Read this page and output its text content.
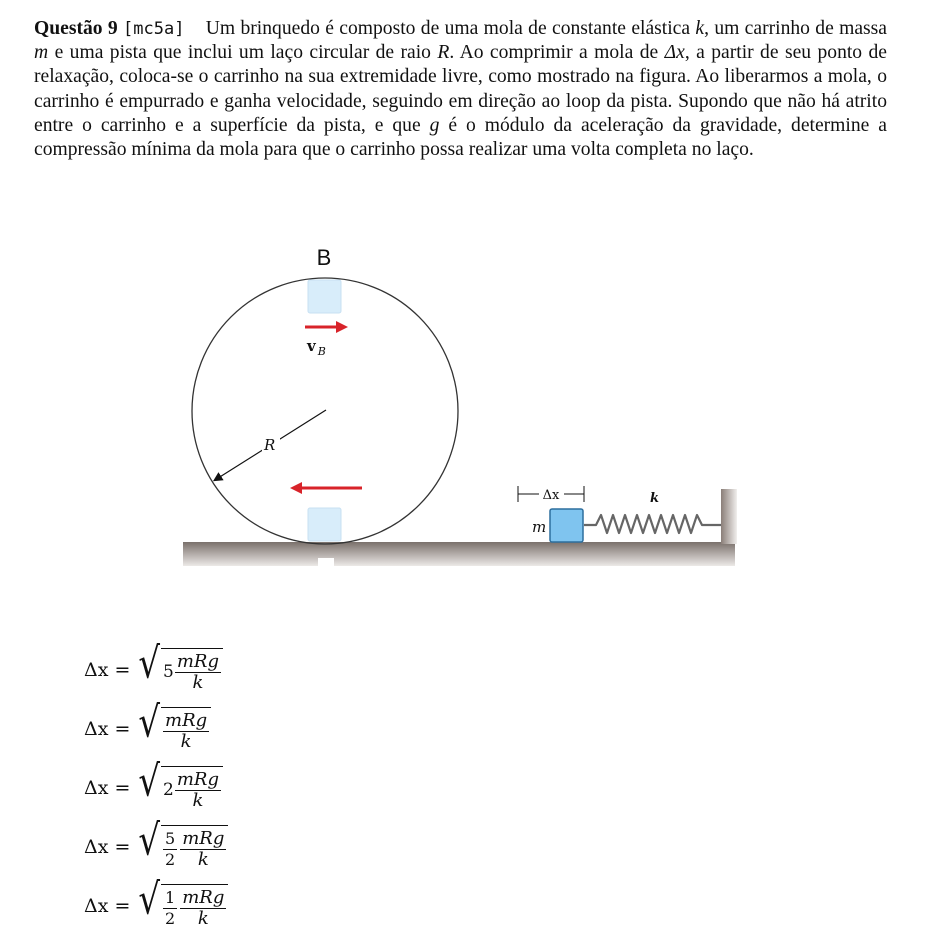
Questão 9 [mc5a] Um brinquedo é composto de uma mola de constante elástica k, um carrinho de massa m e uma pista que inclui um laço circular de raio R. Ao comprimir a mola de Δx, a partir de seu ponto de relaxação, coloca-se o carrinho na sua extremidade livre, como mostrado na figura. Ao liberarmos a mola, o carrinho é empurrado e ganha velocidade, seguindo em direção ao loop da pista. Supondo que não há atrito entre o carrinho e a superfície da pista, e que g é o módulo da aceleração da gravidade, determine a compressão mínima da mola para que o carrinho possa realizar uma volta completa no laço.
R
B
v $_B$
Δx	k
m
Δx = √ $5 \frac{\text{mRg}}{k}$
Δx = √ $\frac{\text{mRg}}{k}$
Δx = √ $2 \frac{\text{mRg}}{k}$
Δx = √ $\frac{5}{2} \frac{\text{mRg}}{k}$
Δx = √ $\frac{1}{2} \frac{\text{mRg}}{k}$
